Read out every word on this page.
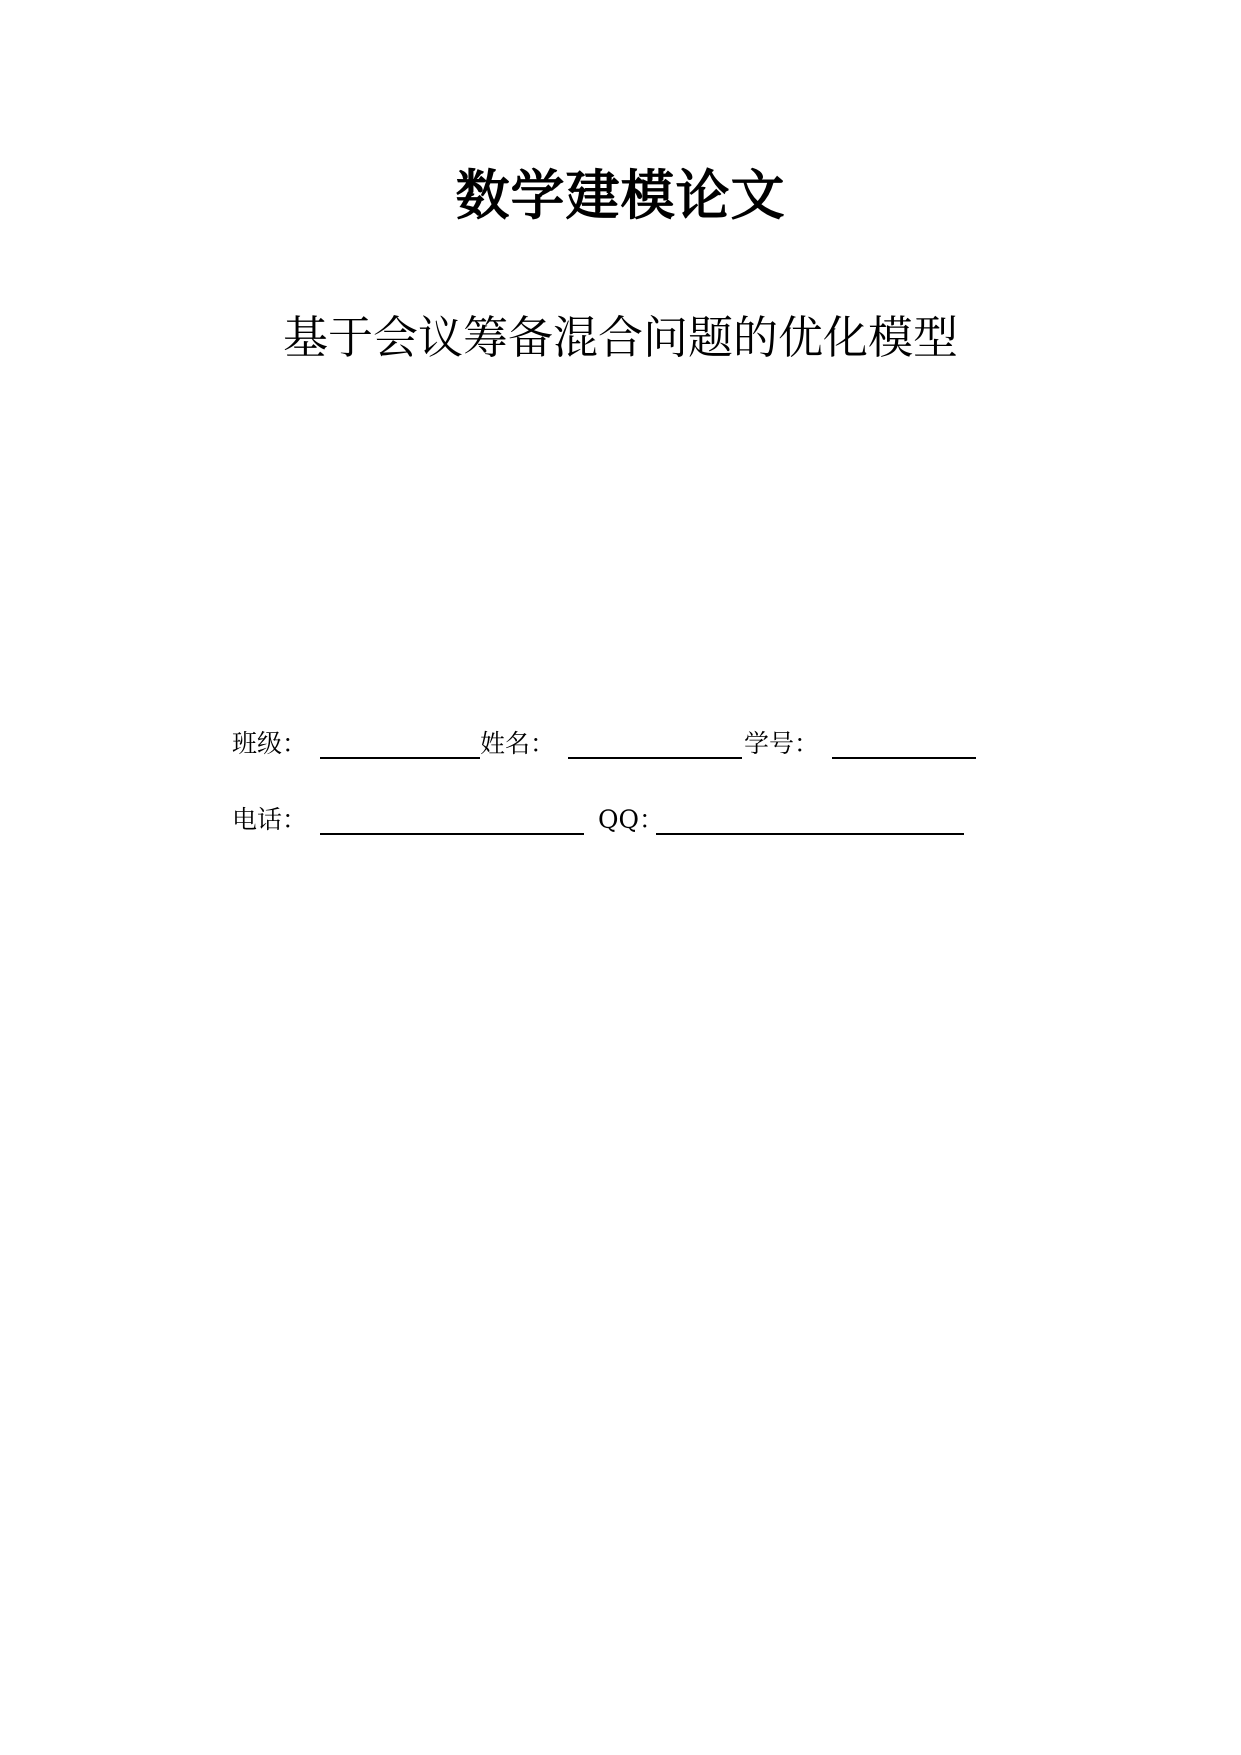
数学建模论文
基于会议筹备混合问题的优化模型
班级：	姓名：	学号：
电话：	QQ：
